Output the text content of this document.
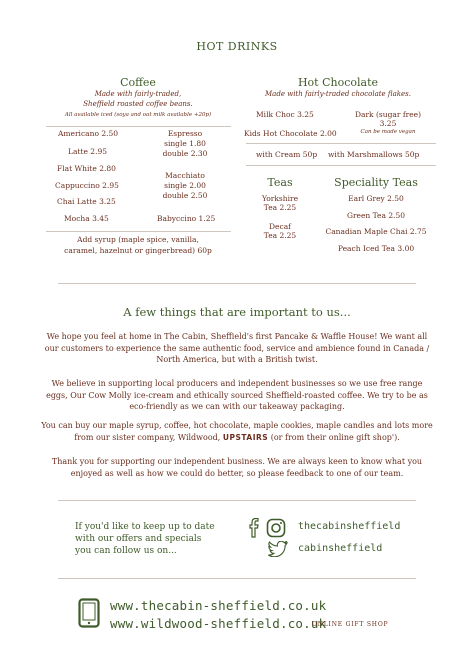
HOT DRINKS
Coffee
Made with fairly-traded,
Sheffield roasted coffee beans.
All available iced (soya and oat milk available +20p)
Americano 2.50
Latte 2.95
Flat White 2.80
Cappuccino 2.95
Chai Latte 3.25
Mocha 3.45
Espresso
single 1.80
double 2.30
Macchiato
single 2.00
double 2.50
Babyccino 1.25
Add syrup (maple spice, vanilla,
caramel, hazelnut or gingerbread) 60p
Hot Chocolate
Made with fairly-traded chocolate flakes.
Milk Choc 3.25	Dark (sugar free)
3.25
Can be made vegan
Kids Hot Chocolate 2.00
with Cream 50p with Marshmallows 50p
Teas
Yorkshire
Tea 2.25
Decaf
Tea 2.25
Speciality Teas
Earl Grey 2.50
Green Tea 2.50
Canadian Maple Chai 2.75
Peach Iced Tea 3.00
A few things that are important to us...
We hope you feel at home in The Cabin, Sheffield's first Pancake & Waffle House! We want all our customers to experience the same authentic food, service and ambience found in Canada / North America, but with a British twist.
We believe in supporting local producers and independent businesses so we use free range eggs, Our Cow Molly ice-cream and ethically sourced Sheffield-roasted coffee. We try to be as eco-friendly as we can with our takeaway packaging.
You can buy our maple syrup, coffee, hot chocolate, maple cookies, maple candles and lots more from our sister company, Wildwood, UPSTAIRS (or from their online gift shop').
Thank you for supporting our independent business. We are always keen to know what you enjoyed as well as how we could do better, so please feedback to one of our team.
If you'd like to keep up to date
with our offers and specials
you can follow us on...
thecabinsheffield
cabinsheffield
www.thecabin-sheffield.co.uk
www.wildwood-sheffield.co.uk
ONLINE GIFT SHOP
